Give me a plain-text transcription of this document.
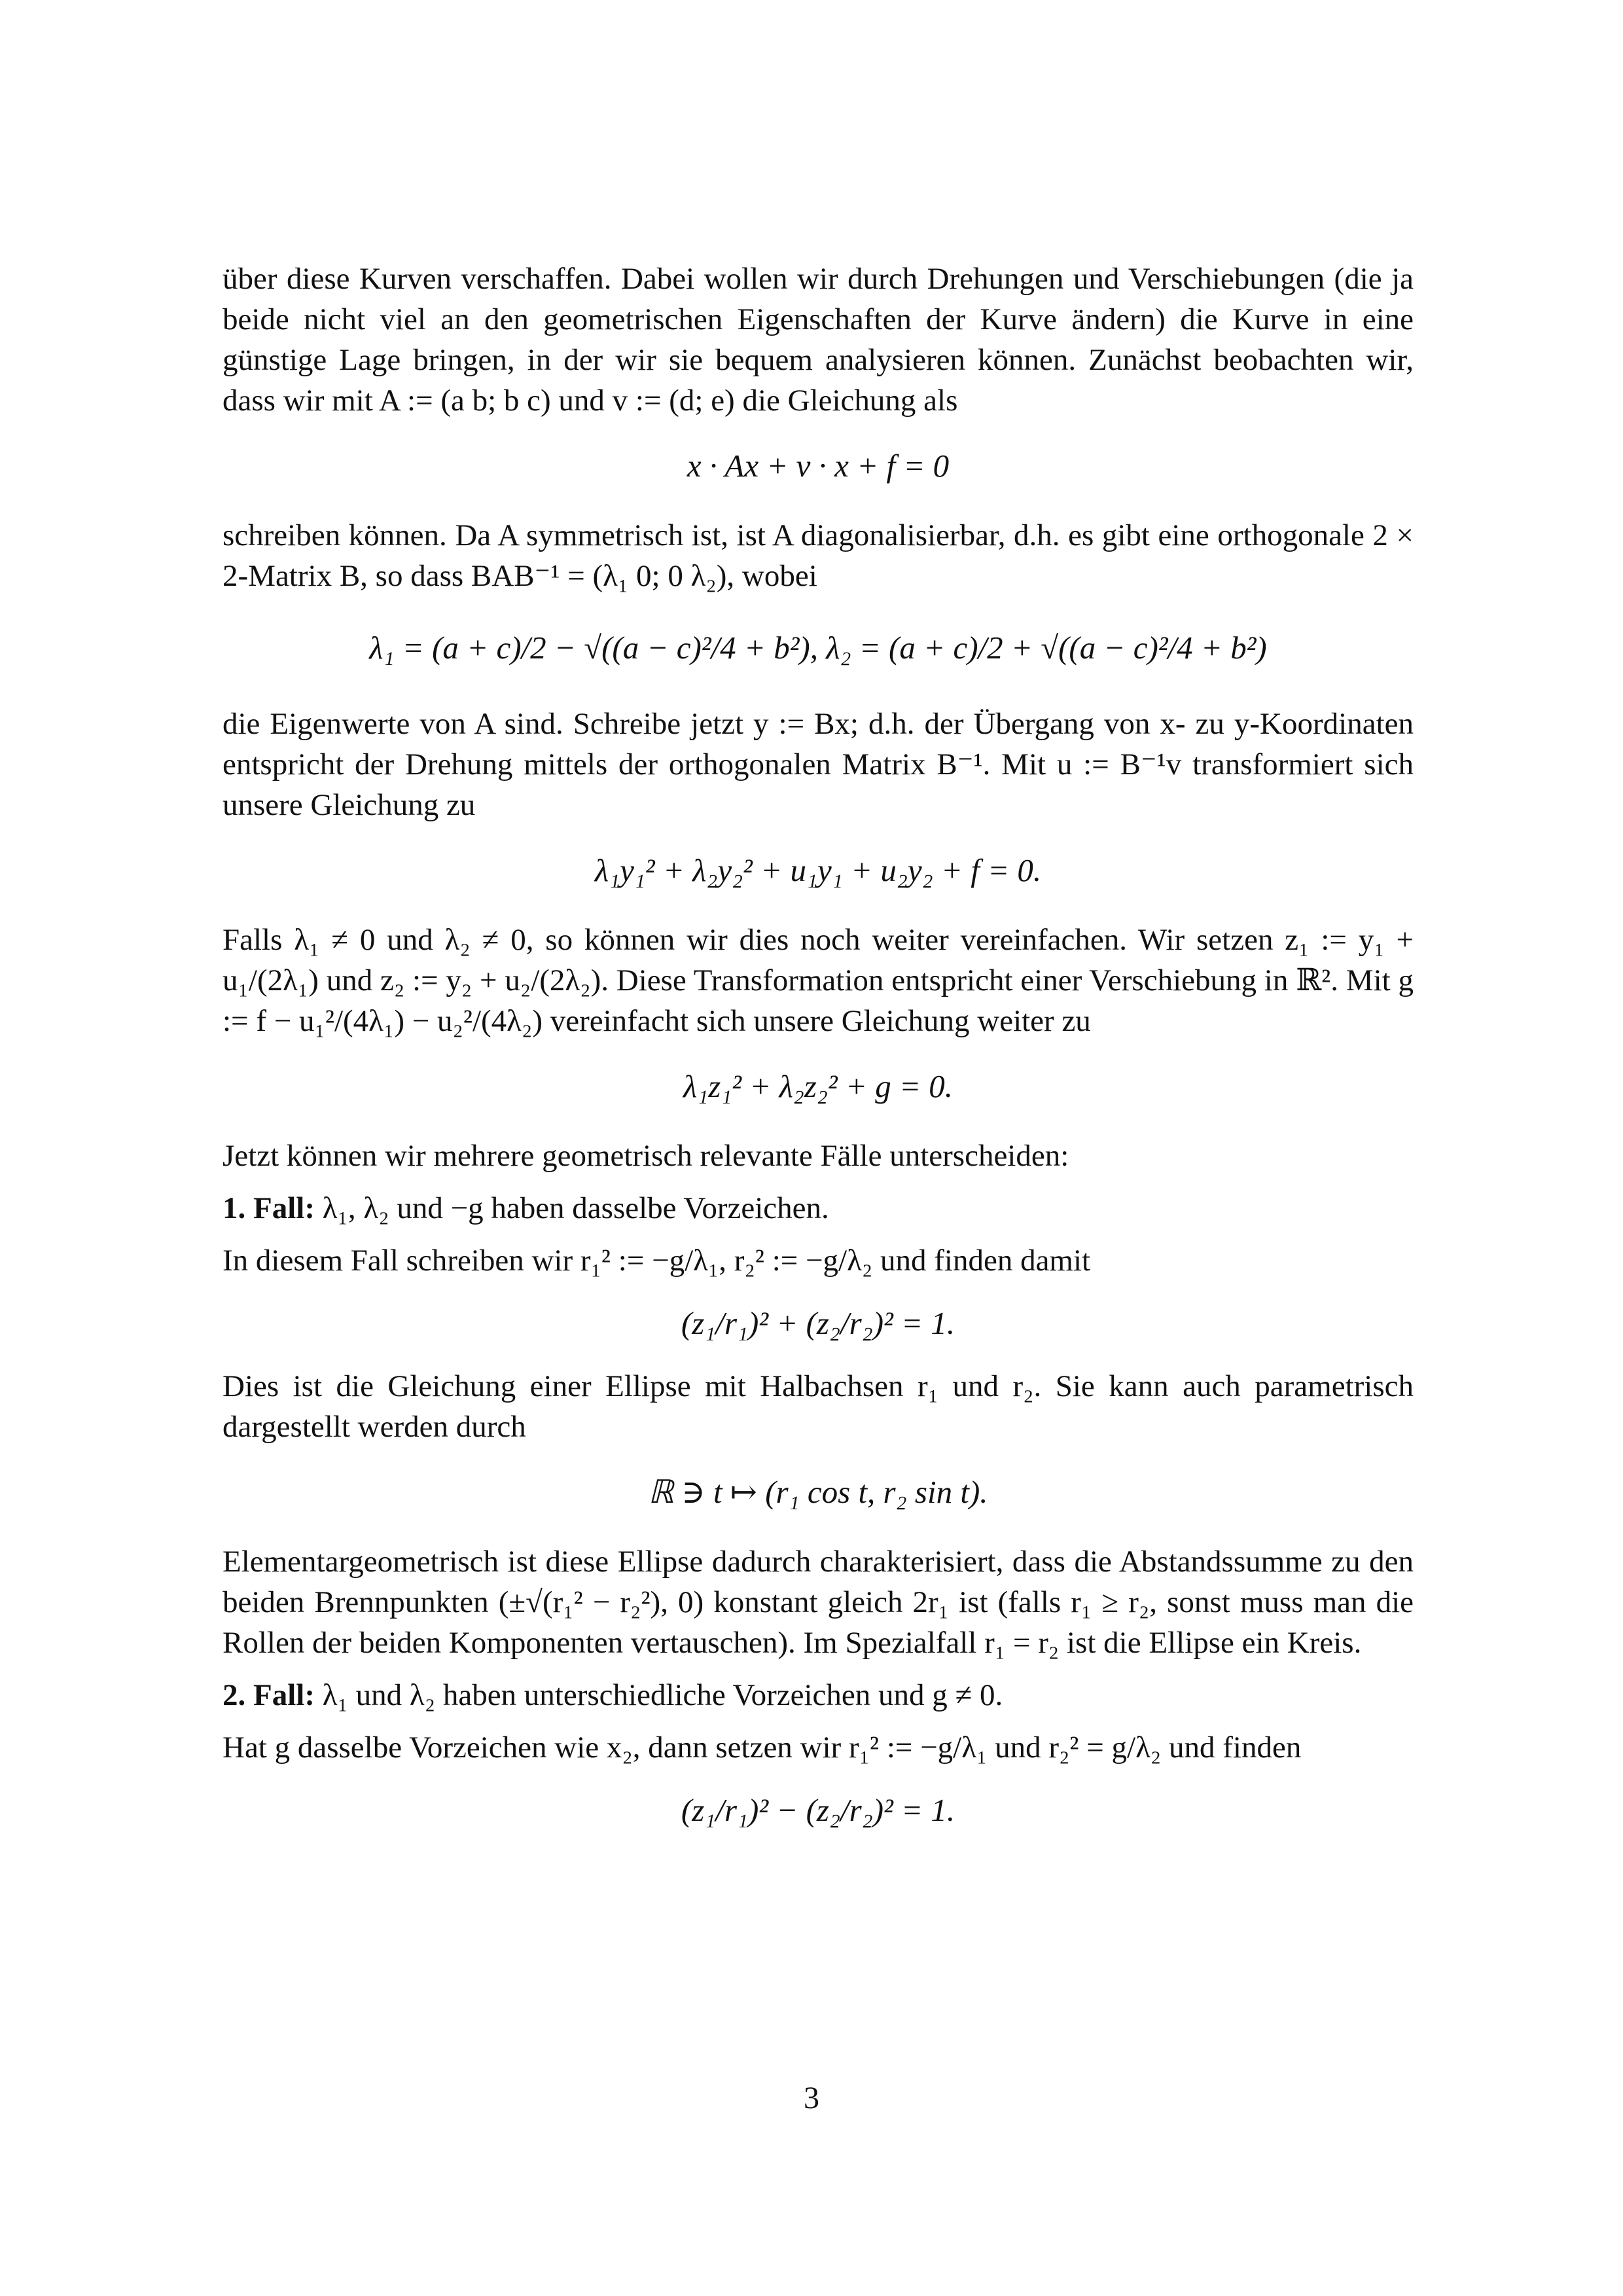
über diese Kurven verschaffen. Dabei wollen wir durch Drehungen und Verschiebungen (die ja beide nicht viel an den geometrischen Eigenschaften der Kurve ändern) die Kurve in eine günstige Lage bringen, in der wir sie bequem analysieren können. Zunächst beobachten wir, dass wir mit A := (a b; b c) und v := (d; e) die Gleichung als

x · Ax + v · x + f = 0

schreiben können. Da A symmetrisch ist, ist A diagonalisierbar, d.h. es gibt eine orthogonale 2 × 2-Matrix B, so dass BAB⁻¹ = (λ₁ 0; 0 λ₂), wobei

λ₁ = (a + c)/2 − √((a − c)²/4 + b²), λ₂ = (a + c)/2 + √((a − c)²/4 + b²)

die Eigenwerte von A sind. Schreibe jetzt y := Bx; d.h. der Übergang von x- zu y-Koordinaten entspricht der Drehung mittels der orthogonalen Matrix B⁻¹. Mit u := B⁻¹v transformiert sich unsere Gleichung zu

λ₁y₁² + λ₂y₂² + u₁y₁ + u₂y₂ + f = 0.

Falls λ₁ ≠ 0 und λ₂ ≠ 0, so können wir dies noch weiter vereinfachen. Wir setzen z₁ := y₁ + u₁/(2λ₁) und z₂ := y₂ + u₂/(2λ₂). Diese Transformation entspricht einer Verschiebung in ℝ². Mit g := f − u₁²/(4λ₁) − u₂²/(4λ₂) vereinfacht sich unsere Gleichung weiter zu

λ₁z₁² + λ₂z₂² + g = 0.

Jetzt können wir mehrere geometrisch relevante Fälle unterscheiden:

1. Fall: λ₁, λ₂ und −g haben dasselbe Vorzeichen.

In diesem Fall schreiben wir r₁² := −g/λ₁, r₂² := −g/λ₂ und finden damit

(z₁/r₁)² + (z₂/r₂)² = 1.

Dies ist die Gleichung einer Ellipse mit Halbachsen r₁ und r₂. Sie kann auch parametrisch dargestellt werden durch

ℝ ∋ t ↦ (r₁ cos t, r₂ sin t).

Elementargeometrisch ist diese Ellipse dadurch charakterisiert, dass die Abstandssumme zu den beiden Brennpunkten (±√(r₁² − r₂²), 0) konstant gleich 2r₁ ist (falls r₁ ≥ r₂, sonst muss man die Rollen der beiden Komponenten vertauschen). Im Spezialfall r₁ = r₂ ist die Ellipse ein Kreis.

2. Fall: λ₁ und λ₂ haben unterschiedliche Vorzeichen und g ≠ 0.

Hat g dasselbe Vorzeichen wie x₂, dann setzen wir r₁² := −g/λ₁ und r₂² = g/λ₂ und finden

(z₁/r₁)² − (z₂/r₂)² = 1.
3
